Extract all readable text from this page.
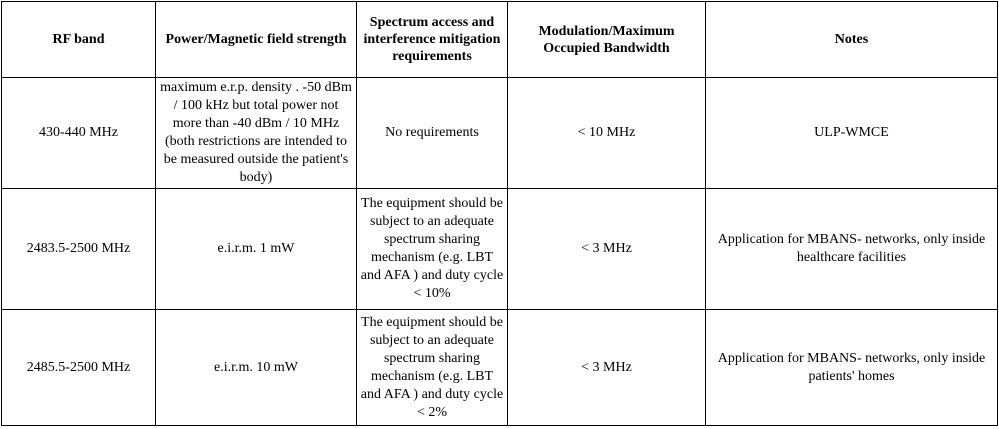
RF band	Power/Magnetic field strength	Spectrum access and interference mitigation requirements	Modulation/Maximum Occupied Bandwidth	Notes
430-440 MHz	maximum e.r.p. density . -50 dBm / 100 kHz but total power not more than -40 dBm / 10 MHz (both restrictions are intended to be measured outside the patient's body)	No requirements	< 10 MHz	ULP-WMCE
2483.5-2500 MHz	e.i.r.m. 1 mW	The equipment should be subject to an adequate spectrum sharing mechanism (e.g. LBT and AFA ) and duty cycle < 10%	< 3 MHz	Application for MBANS- networks, only inside healthcare facilities
2485.5-2500 MHz	e.i.r.m. 10 mW	The equipment should be subject to an adequate spectrum sharing mechanism (e.g. LBT and AFA ) and duty cycle < 2%	< 3 MHz	Application for MBANS- networks, only inside patients' homes
